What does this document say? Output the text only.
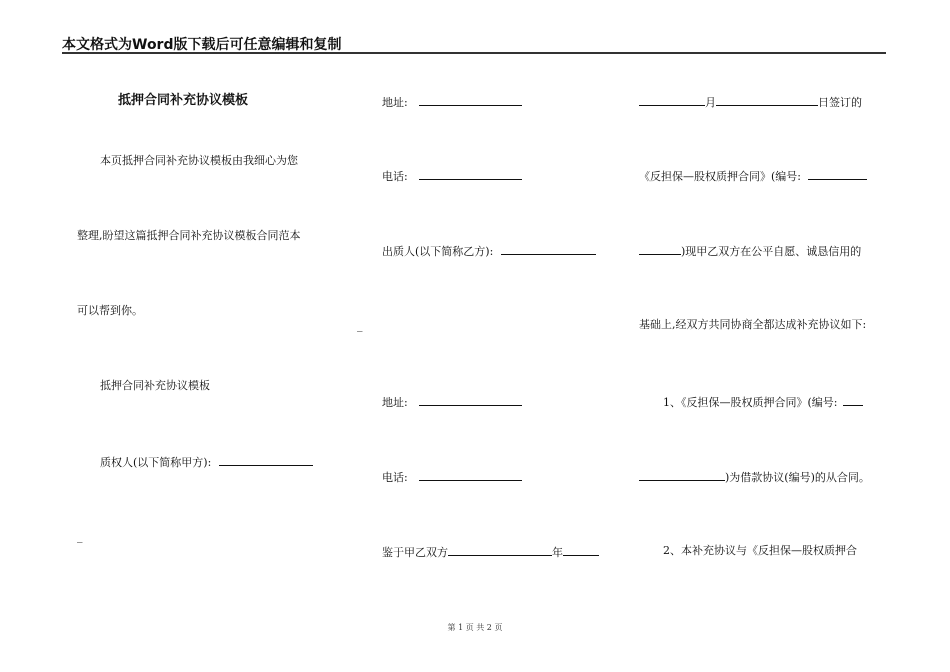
本文格式为Word版下载后可任意编辑和复制
抵押合同补充协议模板
本页抵押合同补充协议模板由我细心为您
整理,盼望这篇抵押合同补充协议模板合同范本
可以帮到你。
抵押合同补充协议模板
质权人(以下简称甲方):
_
地址:
电话:
出质人(以下简称乙方):
_
地址:
电话:
鉴于甲乙双方	年
月	日签订的
《反担保—股权质押合同》(编号:
)现甲乙双方在公平自愿、诚恳信用的
基础上,经双方共同协商全都达成补充协议如下:
1、《反担保—股权质押合同》(编号:
)为借款协议(编号)的从合同。
2、本补充协议与《反担保—股权质押合
第 1 页 共 2 页
